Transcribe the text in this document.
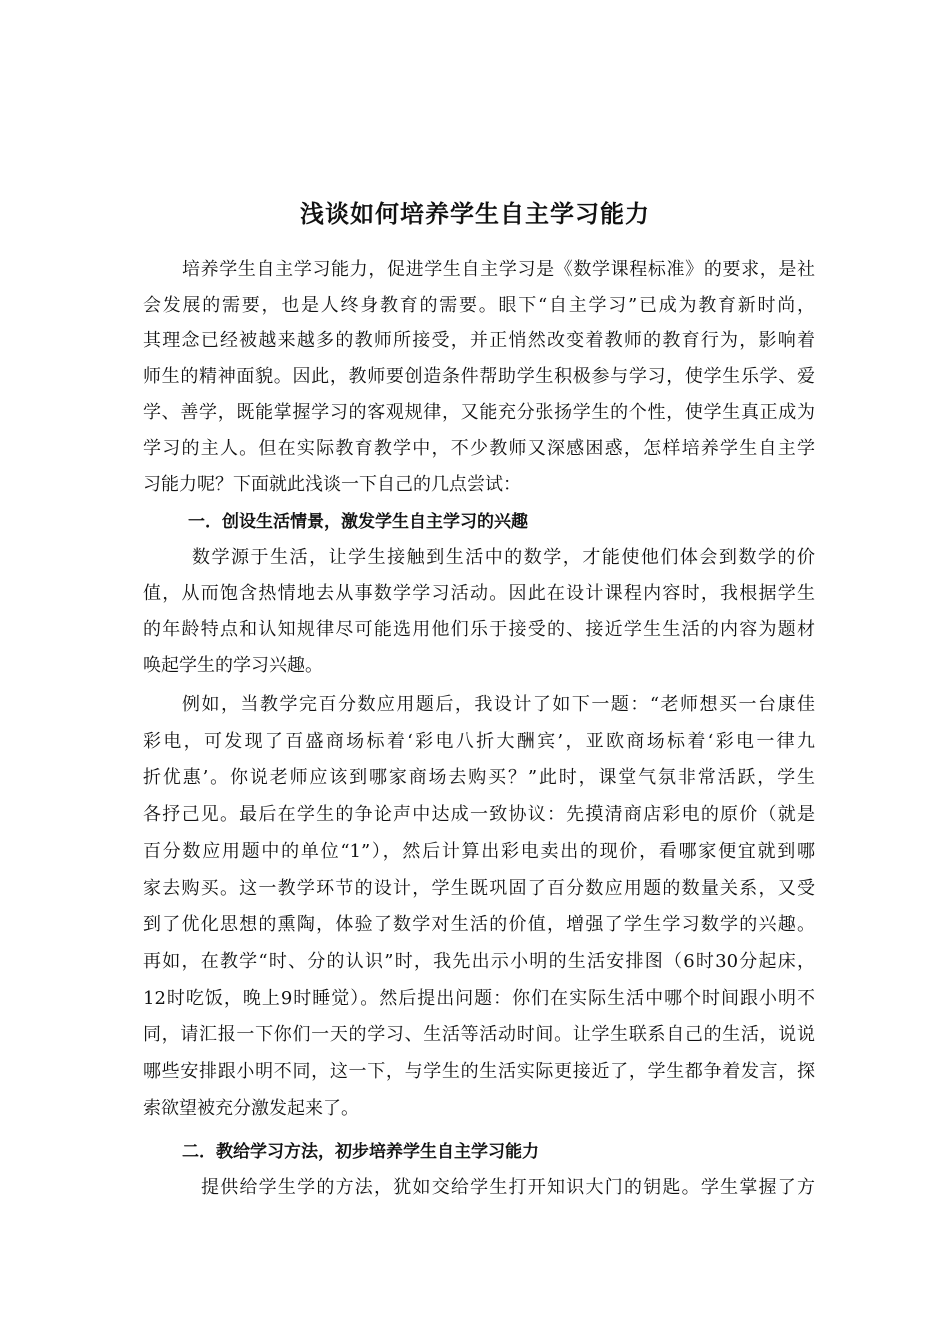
浅谈如何培养学生自主学习能力
培养学生自主学习能力，促进学生自主学习是《数学课程标准》的要求，是社
会发展的需要，也是人终身教育的需要。眼下“自主学习”已成为教育新时尚，
其理念已经被越来越多的教师所接受，并正悄然改变着教师的教育行为，影响着
师生的精神面貌。因此，教师要创造条件帮助学生积极参与学习，使学生乐学、爱
学、善学，既能掌握学习的客观规律，又能充分张扬学生的个性，使学生真正成为
学习的主人。但在实际教育教学中，不少教师又深感困惑，怎样培养学生自主学
习能力呢？下面就此浅谈一下自己的几点尝试：
一．创设生活情景，激发学生自主学习的兴趣
数学源于生活，让学生接触到生活中的数学，才能使他们体会到数学的价
值，从而饱含热情地去从事数学学习活动。因此在设计课程内容时，我根据学生
的年龄特点和认知规律尽可能选用他们乐于接受的、接近学生生活的内容为题材
唤起学生的学习兴趣。
例如，当教学完百分数应用题后，我设计了如下一题：“老师想买一台康佳
彩电，可发现了百盛商场标着‘彩电八折大酬宾’，亚欧商场标着‘彩电一律九
折优惠’。你说老师应该到哪家商场去购买？”此时，课堂气氛非常活跃，学生
各抒己见。最后在学生的争论声中达成一致协议：先摸清商店彩电的原价（就是
百分数应用题中的单位“1”），然后计算出彩电卖出的现价，看哪家便宜就到哪
家去购买。这一教学环节的设计，学生既巩固了百分数应用题的数量关系，又受
到了优化思想的熏陶，体验了数学对生活的价值，增强了学生学习数学的兴趣。
再如，在教学“时、分的认识”时，我先出示小明的生活安排图（6时30分起床，
12时吃饭，晚上9时睡觉）。然后提出问题：你们在实际生活中哪个时间跟小明不
同，请汇报一下你们一天的学习、生活等活动时间。让学生联系自己的生活，说说
哪些安排跟小明不同，这一下，与学生的生活实际更接近了，学生都争着发言，探
索欲望被充分激发起来了。
二．教给学习方法，初步培养学生自主学习能力
提供给学生学的方法，犹如交给学生打开知识大门的钥匙。学生掌握了方
